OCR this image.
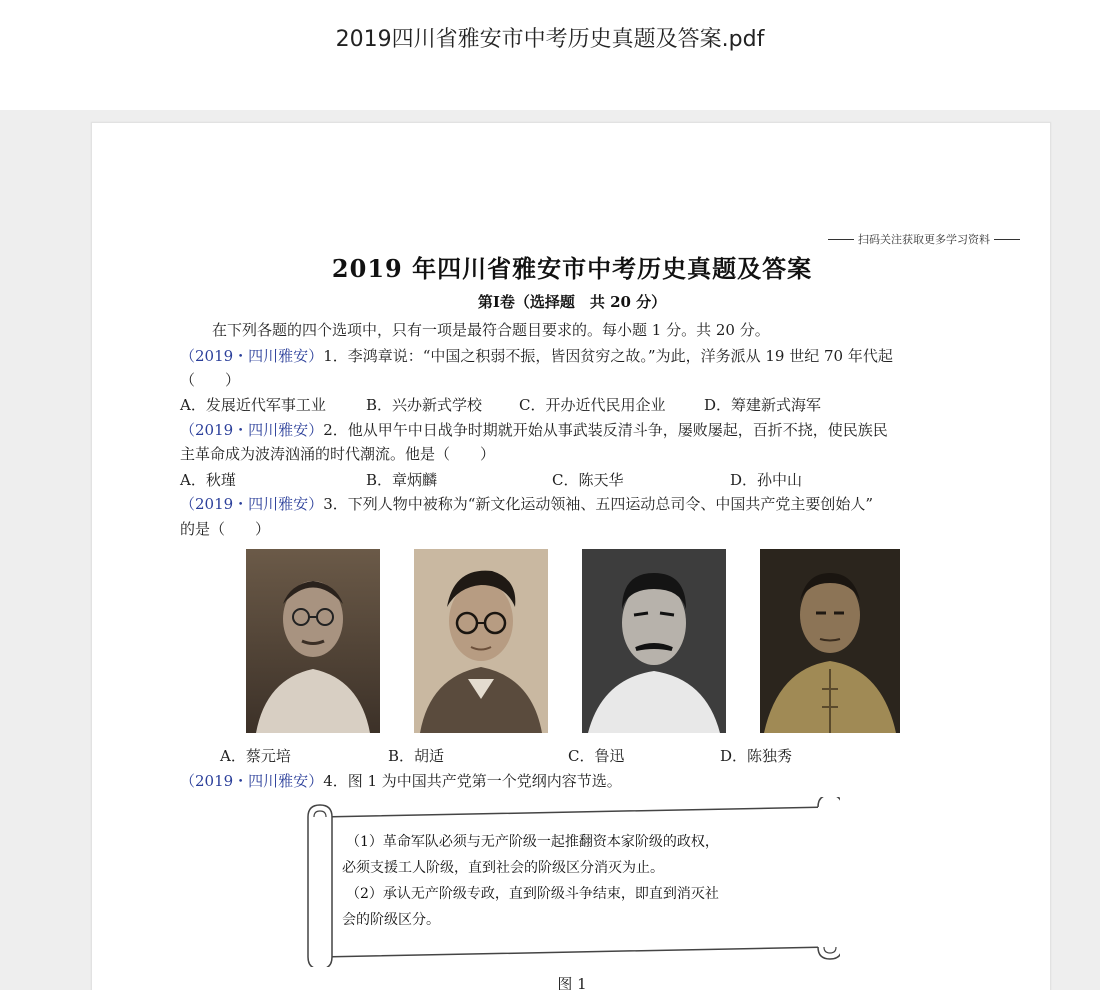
2019四川省雅安市中考历史真题及答案.pdf
扫码关注获取更多学习资料
2019 年四川省雅安市中考历史真题及答案
第Ⅰ卷（选择题　共 20 分）
在下列各题的四个选项中，只有一项是最符合题目要求的。每小题 1 分。共 20 分。
（2019・四川雅安）1．李鸿章说：“中国之积弱不振，皆因贫穷之故。”为此，洋务派从 19 世纪 70 年代起
（　　）
A．发展近代军事工业	B．兴办新式学校 C．开办近代民用企业	D．筹建新式海军
（2019・四川雅安）2．他从甲午中日战争时期就开始从事武装反清斗争，屡败屡起，百折不挠，使民族民
主革命成为波涛汹涌的时代潮流。他是（　　）
A．秋瑾	B．章炳麟	C．陈天华	D．孙中山
（2019・四川雅安）3．下列人物中被称为“新文化运动领袖、五四运动总司令、中国共产党主要创始人”
的是（　　）
A．蔡元培	B．胡适	C．鲁迅	D．陈独秀
（2019・四川雅安）4．图 1 为中国共产党第一个党纲内容节选。
（1）革命军队必须与无产阶级一起推翻资本家阶级的政权，
必须支援工人阶级，直到社会的阶级区分消灭为止。
（2）承认无产阶级专政，直到阶级斗争结束，即直到消灭社
会的阶级区分。
图 1
